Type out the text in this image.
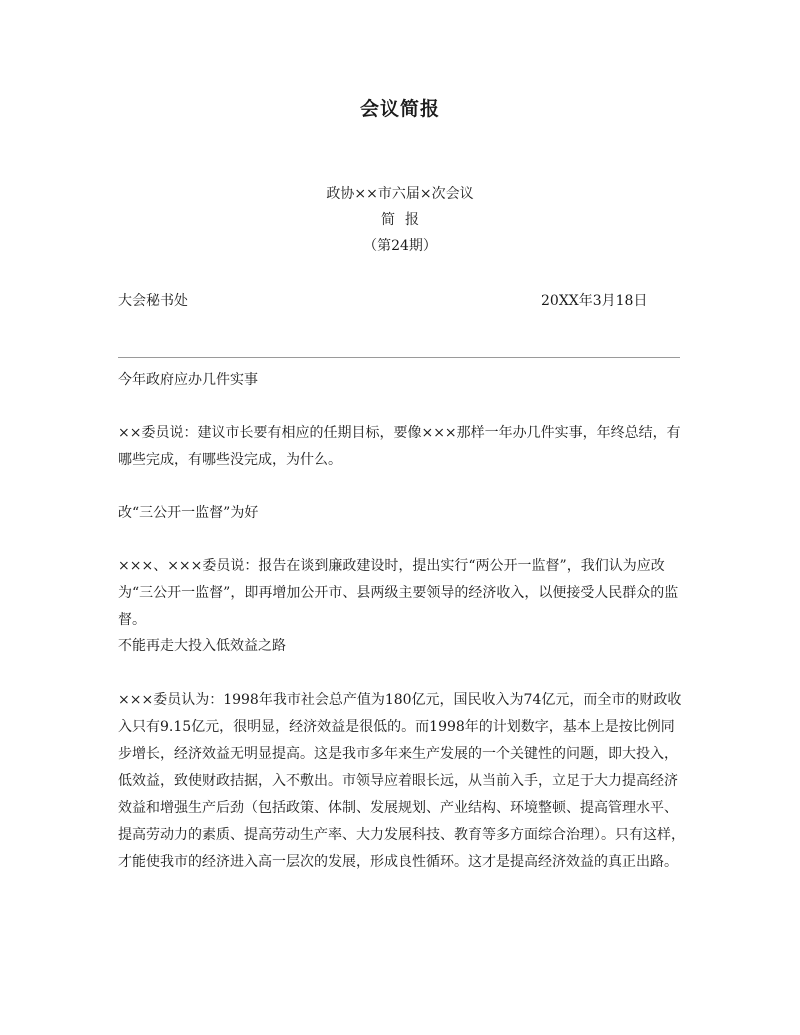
会议简报
政协××市六届×次会议
简报
（第24期）
大会秘书处	20XX年3月18日
今年政府应办几件实事
××委员说：建议市长要有相应的任期目标，要像×××那样一年办几件实事，年终总结，有哪些完成，有哪些没完成，为什么。
改“三公开一监督”为好
×××、×××委员说：报告在谈到廉政建设时，提出实行“两公开一监督”，我们认为应改为“三公开一监督”，即再增加公开市、县两级主要领导的经济收入，以便接受人民群众的监督。
不能再走大投入低效益之路
×××委员认为：1998年我市社会总产值为180亿元，国民收入为74亿元，而全市的财政收入只有9.15亿元，很明显，经济效益是很低的。而1998年的计划数字，基本上是按比例同步增长，经济效益无明显提高。这是我市多年来生产发展的一个关键性的问题，即大投入，低效益，致使财政拮据，入不敷出。市领导应着眼长远，从当前入手，立足于大力提高经济效益和增强生产后劲（包括政策、体制、发展规划、产业结构、环境整顿、提高管理水平、提高劳动力的素质、提高劳动生产率、大力发展科技、教育等多方面综合治理）。只有这样，才能使我市的经济进入高一层次的发展，形成良性循环。这才是提高经济效益的真正出路。
